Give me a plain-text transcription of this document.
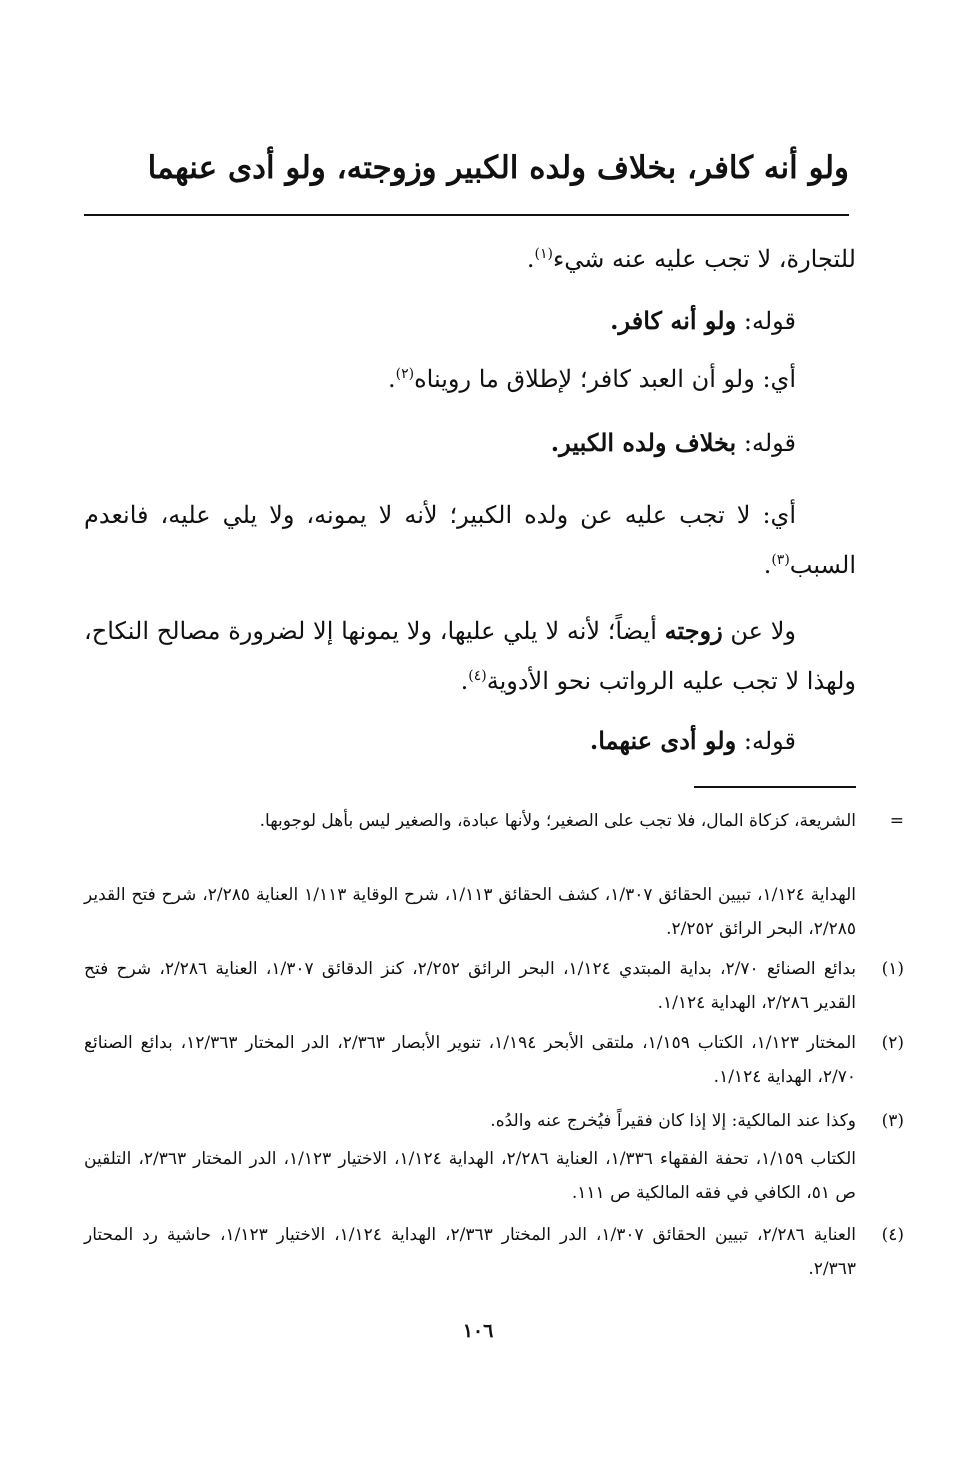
ولو أنه كافر، بخلاف ولده الكبير وزوجته، ولو أدى عنهما
للتجارة، لا تجب عليه عنه شيء$^{(١)}$.
قوله: ولو أنه كافر.
أي: ولو أن العبد كافر؛ لإطلاق ما رويناه$^{(٢)}$.
قوله: بخلاف ولده الكبير.
أي: لا تجب عليه عن ولده الكبير؛ لأنه لا يمونه، ولا يلي عليه، فانعدم السبب$^{(٣)}$.
ولا عن زوجته أيضاً؛ لأنه لا يلي عليها، ولا يمونها إلا لضرورة مصالح النكاح، ولهذا لا تجب عليه الرواتب نحو الأدوية$^{(٤)}$.
قوله: ولو أدى عنهما.
=
الشريعة، كزكاة المال، فلا تجب على الصغير؛ ولأنها عبادة، والصغير ليس بأهل لوجوبها.
الهداية ١/١٢٤، تبيين الحقائق ١/٣٠٧، كشف الحقائق ١/١١٣، شرح الوقاية ١/١١٣ العناية ٢/٢٨٥، شرح فتح القدير ٢/٢٨٥، البحر الرائق ٢/٢٥٢.
(١)
بدائع الصنائع ٢/٧٠، بداية المبتدي ١/١٢٤، البحر الرائق ٢/٢٥٢، كنز الدقائق ١/٣٠٧، العناية ٢/٢٨٦، شرح فتح القدير ٢/٢٨٦، الهداية ١/١٢٤.
(٢)
المختار ١/١٢٣، الكتاب ١/١٥٩، ملتقى الأبحر ١/١٩٤، تنوير الأبصار ٢/٣٦٣، الدر المختار ١٢/٣٦٣، بدائع الصنائع ٢/٧٠، الهداية ١/١٢٤.
(٣)
وكذا عند المالكية: إلا إذا كان فقيراً فيُخرج عنه والدُه.
الكتاب ١/١٥٩، تحفة الفقهاء ١/٣٣٦، العناية ٢/٢٨٦، الهداية ١/١٢٤، الاختيار ١/١٢٣، الدر المختار ٢/٣٦٣، التلقين ص ٥١، الكافي في فقه المالكية ص ١١١.
(٤)
العناية ٢/٢٨٦، تبيين الحقائق ١/٣٠٧، الدر المختار ٢/٣٦٣، الهداية ١/١٢٤، الاختيار ١/١٢٣، حاشية رد المحتار ٢/٣٦٣.
١٠٦
